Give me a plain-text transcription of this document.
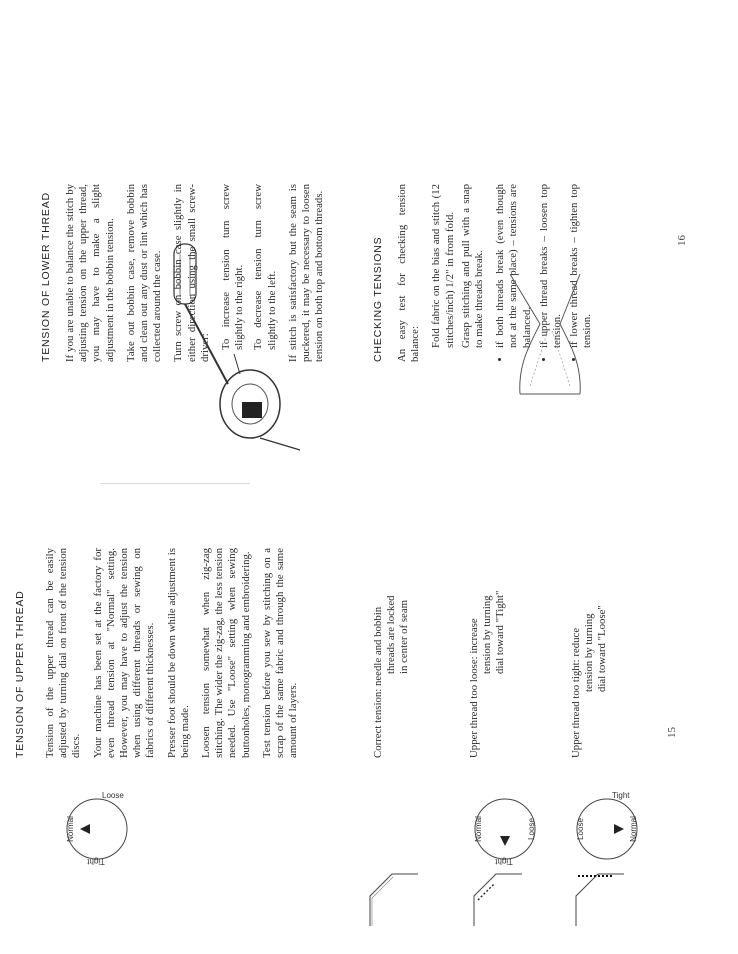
TENSION OF UPPER THREAD Tension of the upper thread can be easily adjusted by turning dial on front of the tension discs. Your machine has been set at the factory for even thread tension at "Normal" setting. However, you may have to adjust the tension when using different threads or sewing on fabrics of different thicknesses. Presser foot should be down while adjustment is being made. Loosen tension somewhat when zig-zag stitching. The wider the zig-zag, the less tension needed. Use "Loose" setting when sewing buttonholes, monogramming and embroidering. Test tension before you sew by stitching on a scrap of the same fabric and through the same amount of layers.	Correct tension: needle and bobbin threads are locked in center of seam	Upper thread too loose: increase tension by turning dial toward "Tight"	Upper thread too tight: reduce tension by turning dial toward "Loose"
15
Normal
Loose
Tight
Normal	Loose
Tight
Loose	Normal
Tight
TENSION OF LOWER THREAD If you are unable to balance the stitch by adjusting tension on the upper thread, you may have to make a slight adjustment in the bobbin tension. Take out bobbin case, remove bobbin and clean out any dust or lint which has collected around the case. Turn screw on bobbin case slightly in either direction using the small screw-driver: To increase tension turn screw slightly to the right. To decrease tension turn screw slightly to the left. If stitch is satisfactory but the seam is puckered, it may be necessary to loosen tension on both top and bottom threads.	CHECKING TENSIONS An easy test for checking tension balance: Fold fabric on the bias and stitch (12 stitches/inch) 1/2" in from fold. Grasp stitching and pull with a snap to make threads break. • if both threads break (even though not at the same place) – tensions are balanced. • if upper thread breaks – loosen top tension. • if lower thread breaks – tighten top tension.
16
